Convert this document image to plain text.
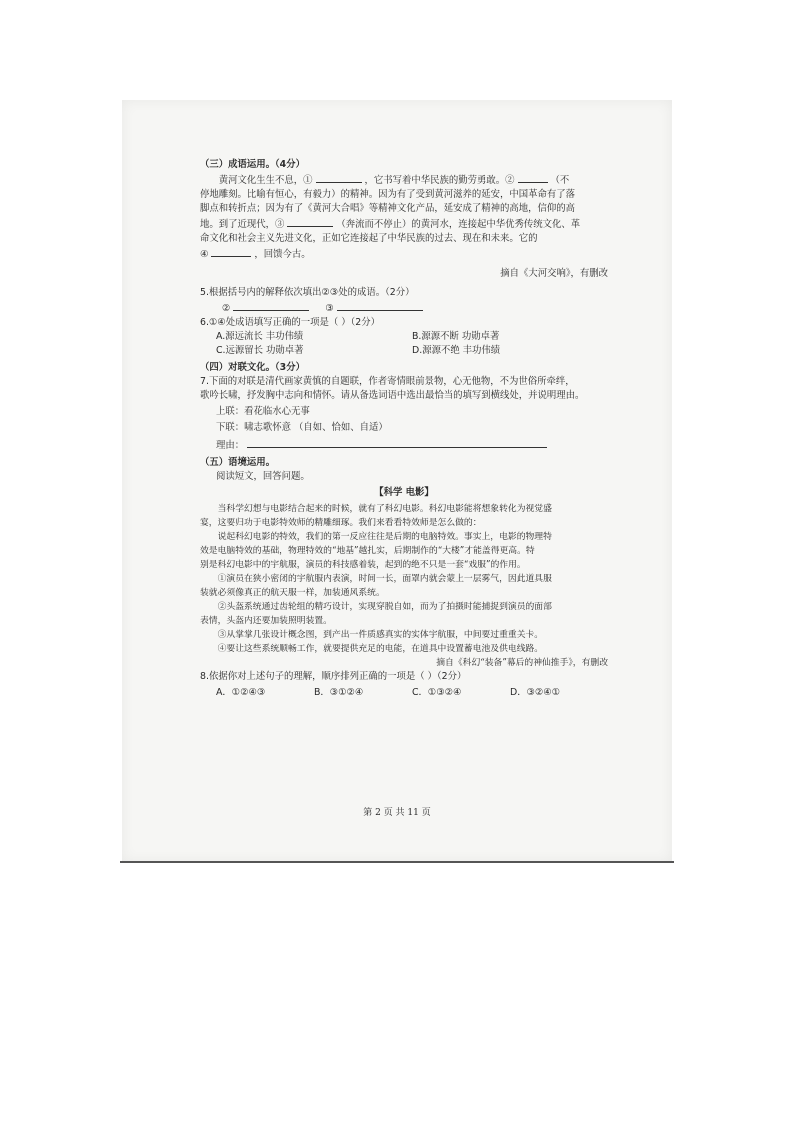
（三）成语运用。（4分）
黄河文化生生不息，①	，它书写着中华民族的勤劳勇敢。②	（不
停地雕刻。比喻有恒心，有毅力）的精神。因为有了受到黄河滋养的延安，中国革命有了落
脚点和转折点；因为有了《黄河大合唱》等精神文化产品，延安成了精神的高地，信仰的高
地。到了近现代，③	（奔流而不停止）的黄河水，连接起中华优秀传统文化、革
命文化和社会主义先进文化，正如它连接起了中华民族的过去、现在和未来。它的
④	，回馈今古。
摘自《大河交响》，有删改
5.根据括号内的解释依次填出②③处的成语。（2分）
②	③
6.①④处成语填写正确的一项是（ ）（2分）
A.源远流长 丰功伟绩	B.源源不断 功勋卓著
C.远源留长 功勋卓著	D.源源不绝 丰功伟绩
（四）对联文化。（3分）
7.下面的对联是清代画家黄慎的自题联，作者寄情眼前景物，心无他物，不为世俗所牵绊，
歌吟长啸，抒发胸中志向和情怀。请从备选词语中选出最恰当的填写到横线处，并说明理由。
上联：看花临水心无事
下联：啸志歌怀意 （自如、恰如、自适）
理由：
（五）语境运用。
阅读短文，回答问题。
【科学 电影】
当科学幻想与电影结合起来的时候，就有了科幻电影。科幻电影能将想象转化为视觉盛
宴，这要归功于电影特效师的精雕细琢。我们来看看特效师是怎么做的：
说起科幻电影的特效，我们的第一反应往往是后期的电脑特效。事实上，电影的物理特
效是电脑特效的基础，物理特效的“地基”越扎实，后期制作的“大楼”才能盖得更高。特
别是科幻电影中的宇航服，演员的科技感着装，起到的绝不只是一套“戏服”的作用。
①演员在狭小密闭的宇航服内表演，时间一长，面罩内就会蒙上一层雾气，因此道具服
装就必须像真正的航天服一样，加装通风系统。
②头盔系统通过齿轮组的精巧设计，实现穿脱自如，而为了拍摄时能捕捉到演员的面部
表情，头盔内还要加装照明装置。
③从掌掌几张设计概念图，到产出一件质感真实的实体宇航服，中间要过重重关卡。
④要让这些系统顺畅工作，就要提供充足的电能，在道具中设置蓄电池及供电线路。
摘自《科幻“装备”幕后的神仙推手》，有删改
8.依据你对上述句子的理解，顺序排列正确的一项是（ ）（2分）
A．①②④③	B．③①②④	C．①③②④	D．③②④①
第 2 页 共 11 页
